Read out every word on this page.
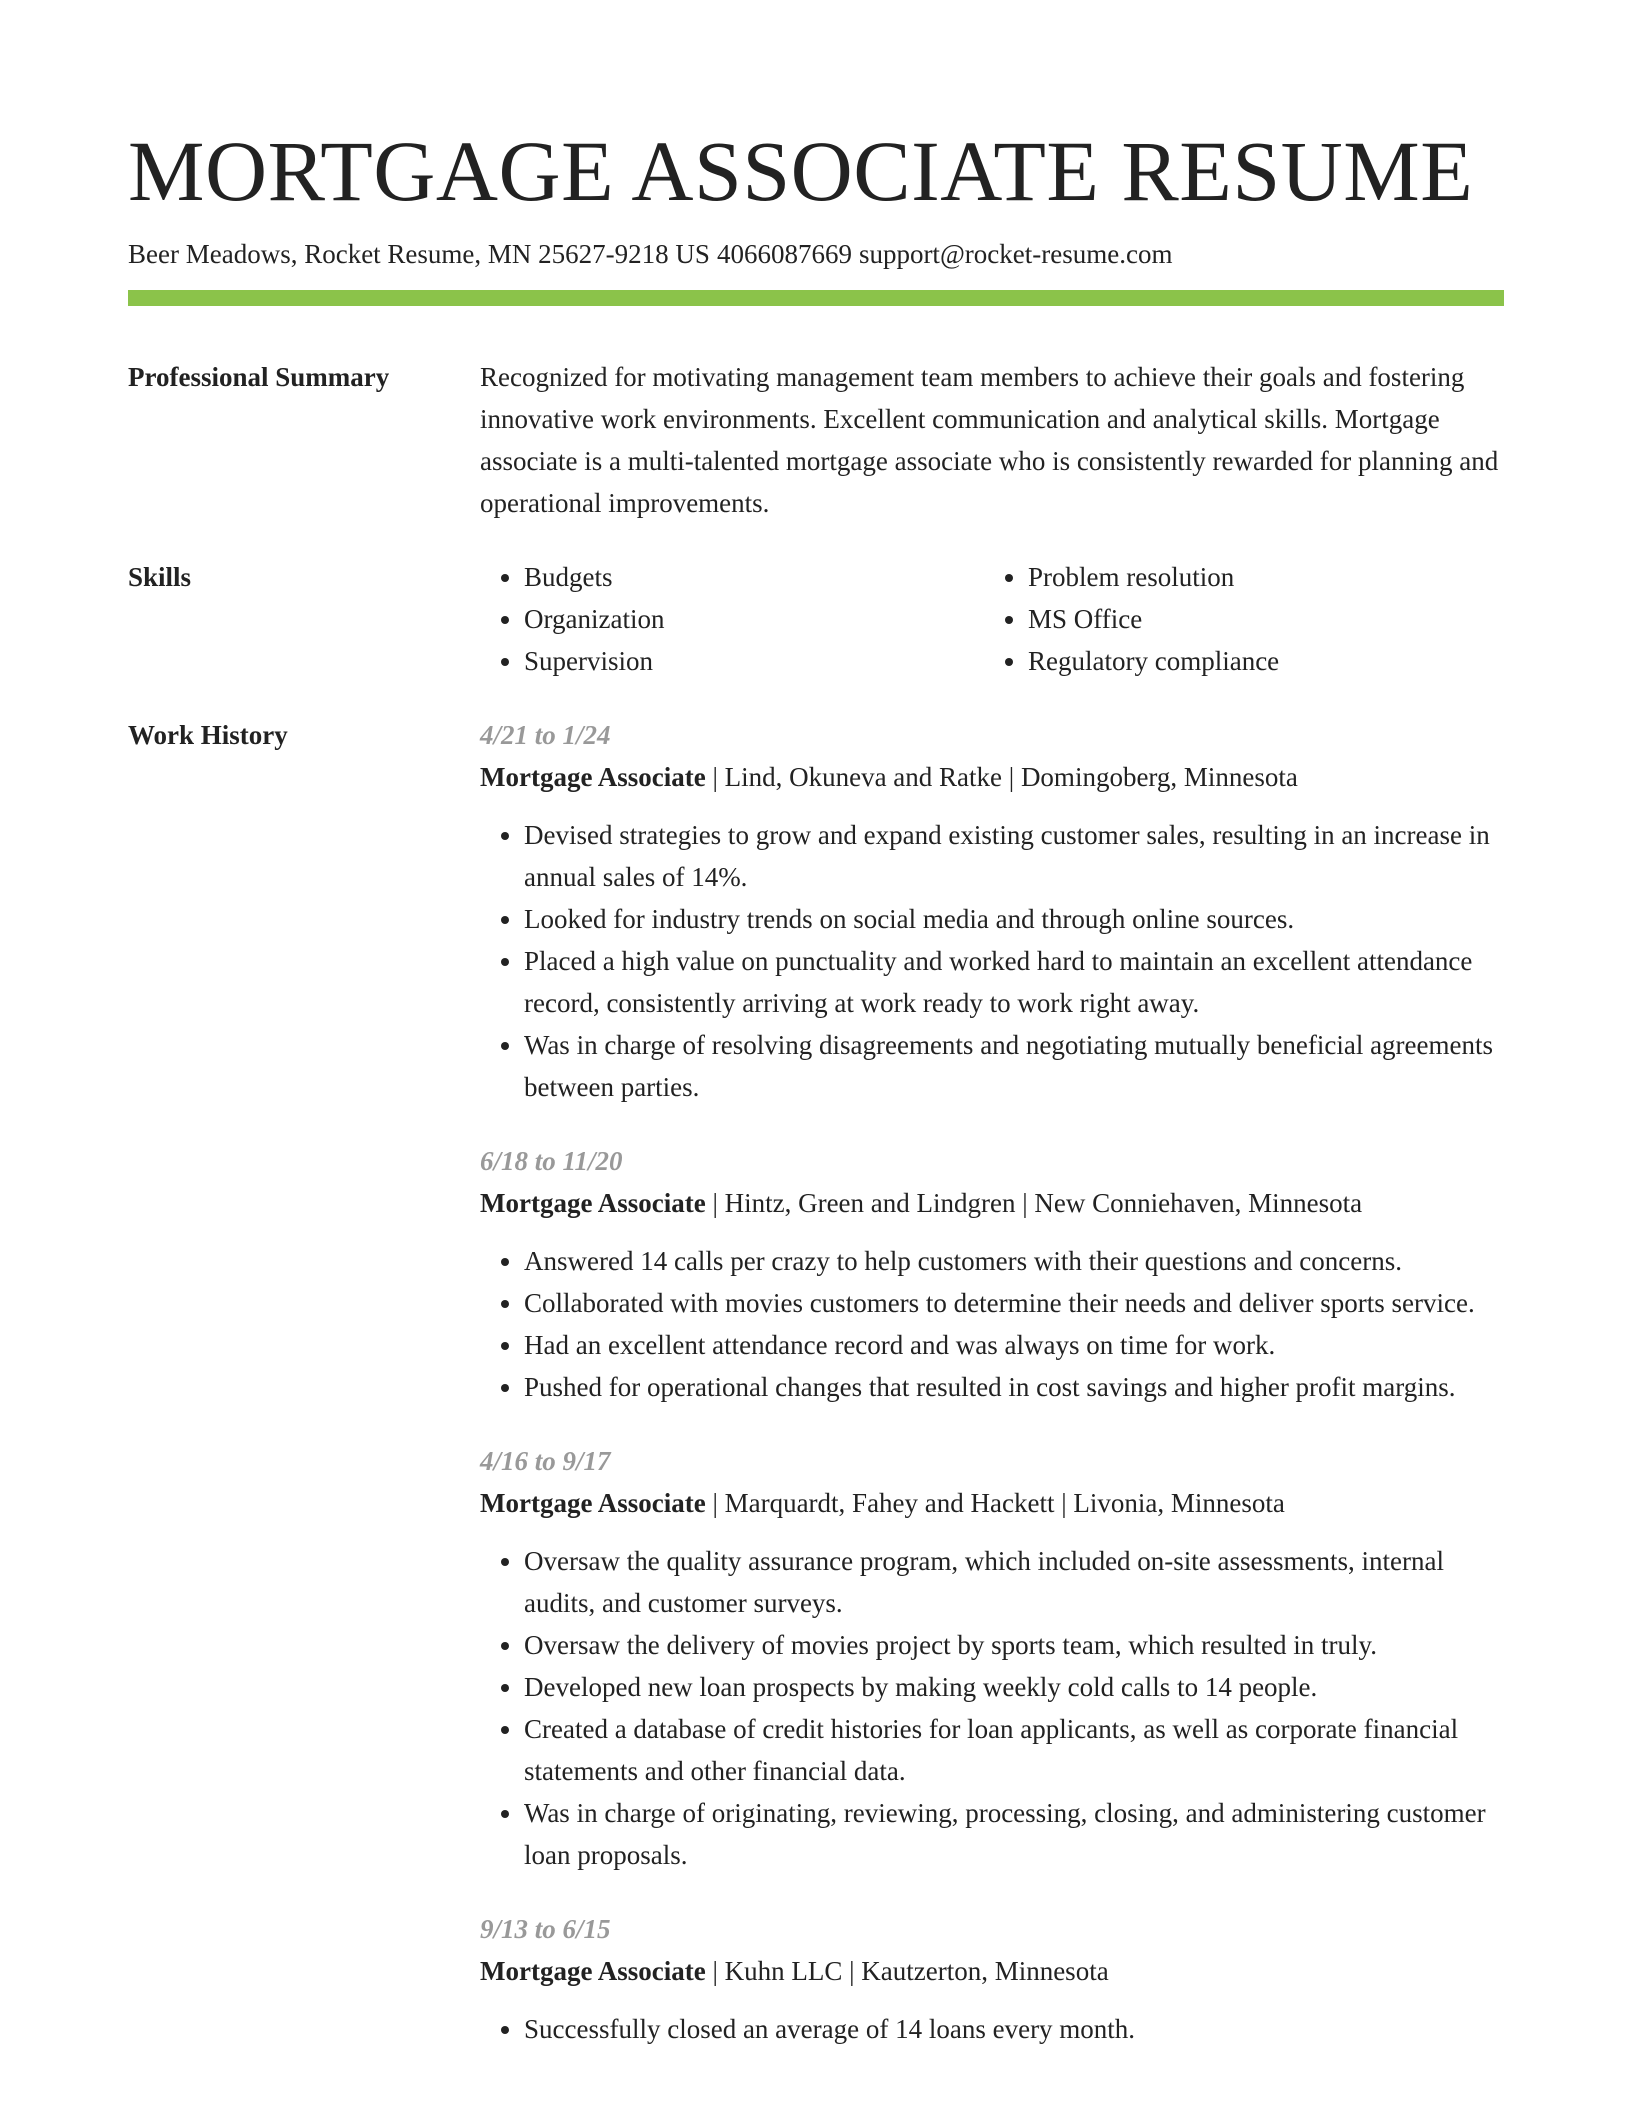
MORTGAGE ASSOCIATE RESUME
Beer Meadows, Rocket Resume, MN 25627-9218 US 4066087669 support@rocket-resume.com
Professional Summary	Recognized for motivating management team members to achieve their goals and fostering innovative work environments. Excellent communication and analytical skills. Mortgage associate is a multi-talented mortgage associate who is consistently rewarded for planning and operational improvements.
Skills	• Budgets	• Problem resolution
• Organization	• MS Office
• Supervision	• Regulatory compliance
Work History	4/21 to 1/24
Mortgage Associate | Lind, Okuneva and Ratke | Domingoberg, Minnesota
• Devised strategies to grow and expand existing customer sales, resulting in an increase in annual sales of 14%.
• Looked for industry trends on social media and through online sources.
• Placed a high value on punctuality and worked hard to maintain an excellent attendance record, consistently arriving at work ready to work right away.
• Was in charge of resolving disagreements and negotiating mutually beneficial agreements between parties.
6/18 to 11/20
Mortgage Associate | Hintz, Green and Lindgren | New Conniehaven, Minnesota
• Answered 14 calls per crazy to help customers with their questions and concerns.
• Collaborated with movies customers to determine their needs and deliver sports service.
• Had an excellent attendance record and was always on time for work.
• Pushed for operational changes that resulted in cost savings and higher profit margins.
4/16 to 9/17
Mortgage Associate | Marquardt, Fahey and Hackett | Livonia, Minnesota
• Oversaw the quality assurance program, which included on-site assessments, internal audits, and customer surveys.
• Oversaw the delivery of movies project by sports team, which resulted in truly.
• Developed new loan prospects by making weekly cold calls to 14 people.
• Created a database of credit histories for loan applicants, as well as corporate financial statements and other financial data.
• Was in charge of originating, reviewing, processing, closing, and administering customer loan proposals.
9/13 to 6/15
Mortgage Associate | Kuhn LLC | Kautzerton, Minnesota
• Successfully closed an average of 14 loans every month.
